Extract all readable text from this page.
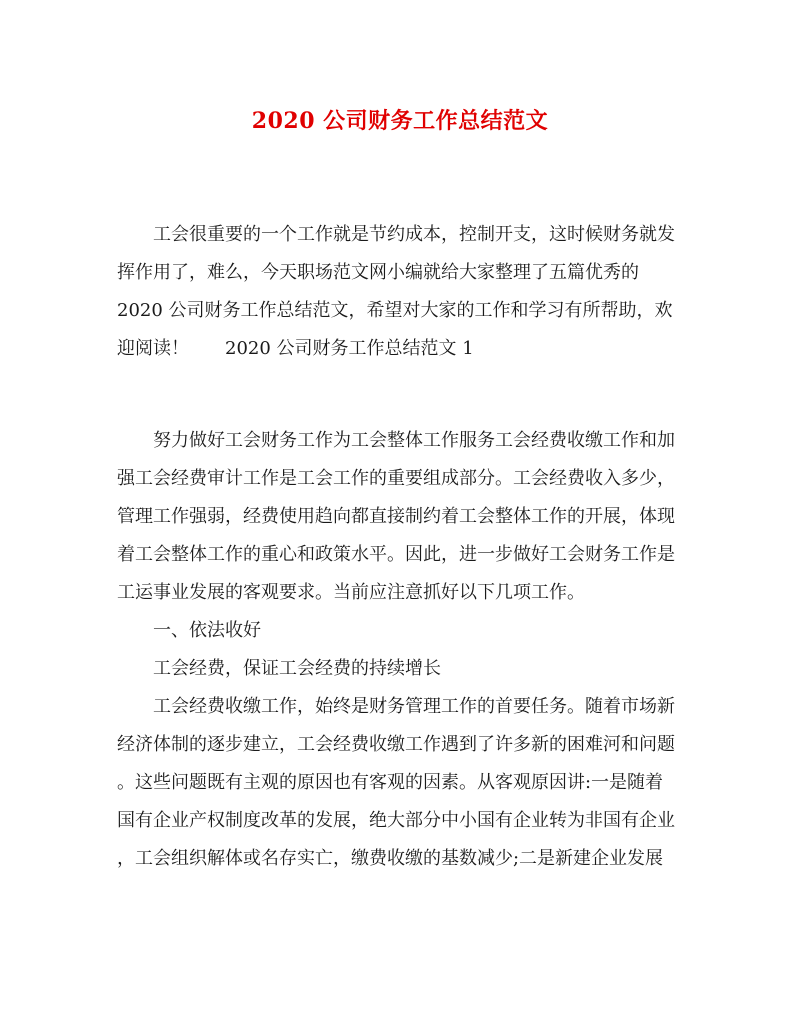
2020 公司财务工作总结范文
工会很重要的一个工作就是节约成本，控制开支，这时候财务就发
挥作用了，难么，今天职场范文网小编就给大家整理了五篇优秀的
2020 公司财务工作总结范文，希望对大家的工作和学习有所帮助，欢
迎阅读！ 2020 公司财务工作总结范文 1
努力做好工会财务工作为工会整体工作服务工会经费收缴工作和加
强工会经费审计工作是工会工作的重要组成部分。工会经费收入多少，
管理工作强弱，经费使用趋向都直接制约着工会整体工作的开展，体现
着工会整体工作的重心和政策水平。因此，进一步做好工会财务工作是
工运事业发展的客观要求。当前应注意抓好以下几项工作。
一、依法收好
工会经费，保证工会经费的持续增长
工会经费收缴工作，始终是财务管理工作的首要任务。随着市场新
经济体制的逐步建立，工会经费收缴工作遇到了许多新的困难河和问题
。这些问题既有主观的原因也有客观的因素。从客观原因讲:一是随着
国有企业产权制度改革的发展，绝大部分中小国有企业转为非国有企业
，工会组织解体或名存实亡，缴费收缴的基数减少;二是新建企业发展
